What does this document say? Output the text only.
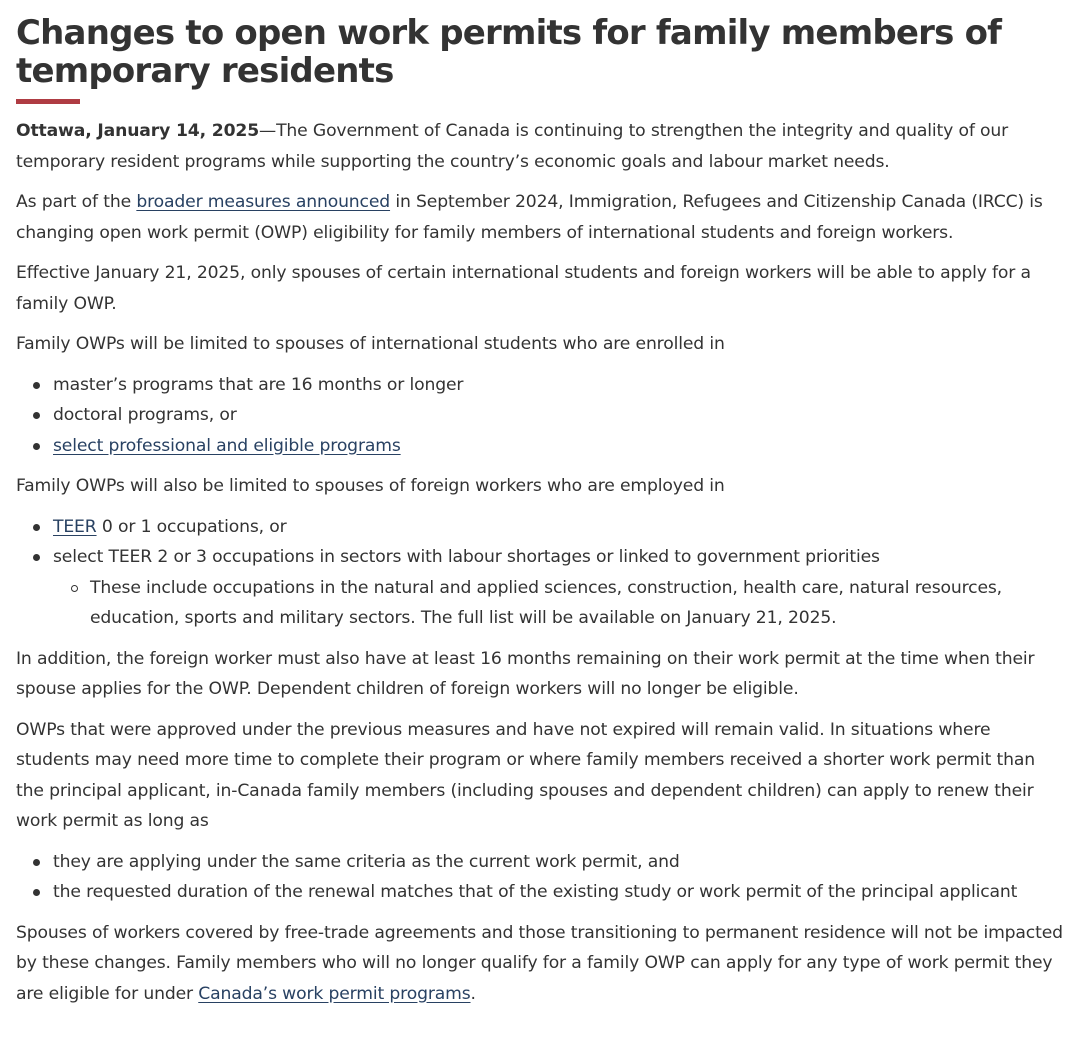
Changes to open work permits for family members of temporary residents

Ottawa, January 14, 2025—The Government of Canada is continuing to strengthen the integrity and quality of our temporary resident programs while supporting the country’s economic goals and labour market needs.

As part of the broader measures announced in September 2024, Immigration, Refugees and Citizenship Canada (IRCC) is changing open work permit (OWP) eligibility for family members of international students and foreign workers.

Effective January 21, 2025, only spouses of certain international students and foreign workers will be able to apply for a family OWP.

Family OWPs will be limited to spouses of international students who are enrolled in

master’s programs that are 16 months or longer
doctoral programs, or
select professional and eligible programs

Family OWPs will also be limited to spouses of foreign workers who are employed in

TEER 0 or 1 occupations, or
select TEER 2 or 3 occupations in sectors with labour shortages or linked to government priorities
These include occupations in the natural and applied sciences, construction, health care, natural resources, education, sports and military sectors. The full list will be available on January 21, 2025.

In addition, the foreign worker must also have at least 16 months remaining on their work permit at the time when their spouse applies for the OWP. Dependent children of foreign workers will no longer be eligible.

OWPs that were approved under the previous measures and have not expired will remain valid. In situations where students may need more time to complete their program or where family members received a shorter work permit than the principal applicant, in-Canada family members (including spouses and dependent children) can apply to renew their work permit as long as

they are applying under the same criteria as the current work permit, and
the requested duration of the renewal matches that of the existing study or work permit of the principal applicant

Spouses of workers covered by free-trade agreements and those transitioning to permanent residence will not be impacted by these changes. Family members who will no longer qualify for a family OWP can apply for any type of work permit they are eligible for under Canada’s work permit programs.
